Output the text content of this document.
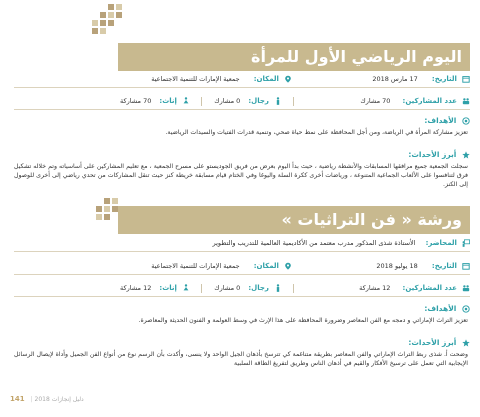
اليوم الرياضي الأول للمرأة
التاريخ: 17 مارس 2018
المكان: جمعية الإمارات للتنمية الاجتماعية
عدد المشاركين: 70 مشارك
رجال: 0 مشارك
إناث: 70 مشاركة
الأهداف:
تعزيز مشاركة المرأة في الرياضة، ومن أجل المحافظة على نمط حياة صحي، وتنمية قدرات الفتيات والسيدات الرياضية.
أبرز الأحداث:
سجلت الجمعية جميع مرافقها المسابقات والأنشطة رياضية ، حيث بدأ اليوم بعرض من فريق الجوديستو على مسرح الجمعية ، مع تعليم المشاركين على أساسياته وتم خلاله تشكيل فرق لتنافسوا على الألعاب الجماعية المتنوعة ، ورياضات أخرى ككرة السلة واليوغا وفي الختام قيام مسابقة خريطة كنز حيث تنقل المشاركات من تحدي رياضي إلى أخرى للوصول إلى الكنز.
ورشة « فن التراثيات »
المحاضر: الأستاذة شذى المذكور مدرب معتمد من الأكاديمية العالمية للتدريب والتطوير
التاريخ: 18 يوليو 2018
المكان: جمعية الإمارات للتنمية الاجتماعية
عدد المشاركين: 12 مشاركة
رجال: 0 مشارك
إناث: 12 مشاركة
الأهداف:
تعزيز التراث الإماراتي و دمجه مع الفن المعاصر وضرورة المحافظة على هذا الإرث في وسط العولمة و الفنون الحديثة والمعاصرة.
أبرز الأحداث:
وضحت أ. شذى ربط التراث الإماراتي والفن المعاصر بطريقة متناغمة كي تترسخ بأذهان الجيل الواحد ولا ينسى، وأكدت بأن الرسم نوع من أنواع الفن الجميل وأداة لإيصال الرسائل الإيجابية التي تعمل على ترسيخ الأفكار والقيم في أذهان الناس وطريق لتفريغ الطاقة السلبية
141 | دليل إنجازات 2018
